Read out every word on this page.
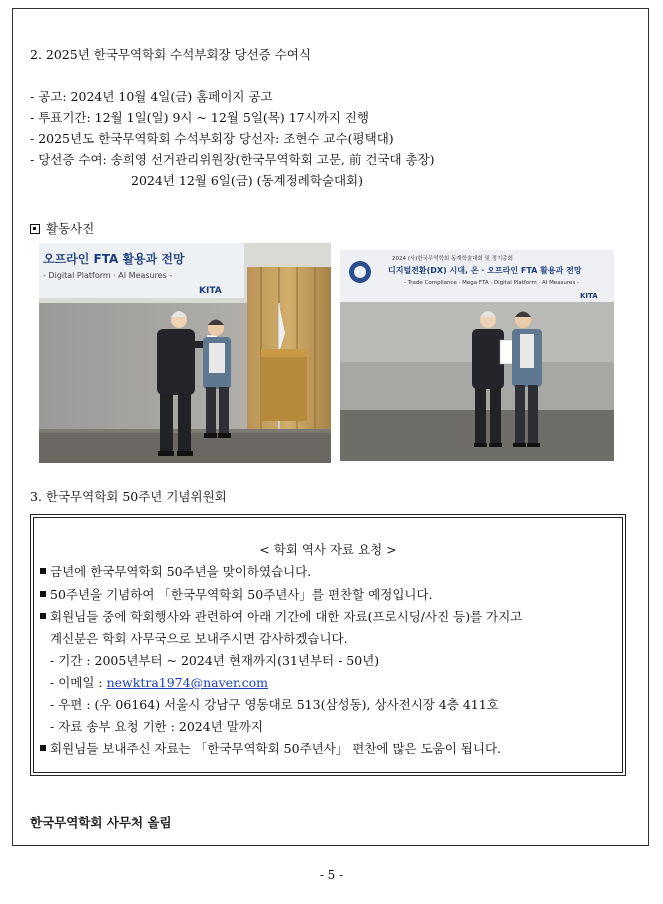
2. 2025년 한국무역학회 수석부회장 당선증 수여식
- 공고: 2024년 10월 4일(금) 홈페이지 공고
- 투표기간: 12월 1일(일) 9시 ~ 12월 5일(목) 17시까지 진행
- 2025년도 한국무역학회 수석부회장 당선자: 조현수 교수(평택대)
- 당선증 수여: 송희영 선거관리위원장(한국무역학회 고문, 前 건국대 총장)
2024년 12월 6일(금) (동계정례학술대회)
활동사진
오프라인 FTA 활용과 전망
- Digital Platform · AI Measures -
KITA
2024 (사)한국무역학회 동계학술대회 및 정기총회
디지털전환(DX) 시대, 온 · 오프라인 FTA 활용과 전망
- Trade Compliance · Mega FTA · Digital Platform · AI Measures -
KITA
3. 한국무역학회 50주년 기념위원회
< 학회 역사 자료 요청 >
금년에 한국무역학회 50주년을 맞이하였습니다.
50주년을 기념하여 「한국무역학회 50주년사」를 편찬할 예정입니다.
회원님들 중에 학회행사와 관련하여 아래 기간에 대한 자료(프로시딩/사진 등)를 가지고
계신분은 학회 사무국으로 보내주시면 감사하겠습니다.
- 기간 : 2005년부터 ~ 2024년 현재까지(31년부터 - 50년)
- 이메일 : newktra1974@naver.com
- 우편 : (우 06164) 서울시 강남구 영동대로 513(삼성동), 상사전시장 4층 411호
- 자료 송부 요청 기한 : 2024년 말까지
회원님들 보내주신 자료는 「한국무역학회 50주년사」 편찬에 많은 도움이 됩니다.
한국무역학회 사무처 올림
- 5 -
